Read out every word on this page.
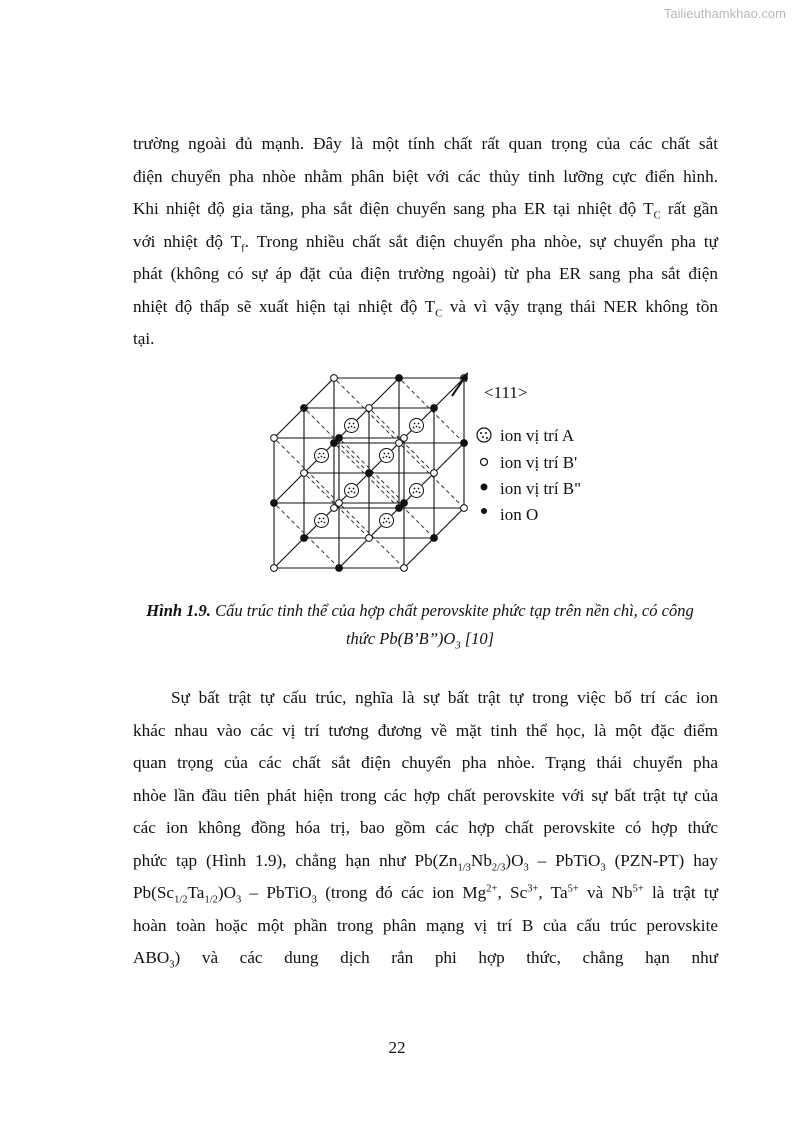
Tailieuthamkhao.com
trường ngoài đủ mạnh. Đây là một tính chất rất quan trọng của các chất sắt
điện chuyển pha nhòe nhằm phân biệt với các thủy tinh lưỡng cực điển hình.
Khi nhiệt độ gia tăng, pha sắt điện chuyển sang pha ER tại nhiệt độ $T_C$ rất gần
với nhiệt độ $T_f$. Trong nhiều chất sắt điện chuyển pha nhòe, sự chuyển pha tự
phát (không có sự áp đặt của điện trường ngoài) từ pha ER sang pha sắt điện
nhiệt độ thấp sẽ xuất hiện tại nhiệt độ $T_C$ và vì vậy trạng thái NER không tồn
tại.
<111>
ion vị trí A
ion vị trí B'
ion vị trí B"
ion O
Hình 1.9. Cấu trúc tinh thể của hợp chất perovskite phức tạp trên nền chì, có công
thức $Pb(B’B’’)O_3$ [10]
Sự bất trật tự cấu trúc, nghĩa là sự bất trật tự trong việc bố trí các ion
khác nhau vào các vị trí tương đương về mặt tinh thể học, là một đặc điểm
quan trọng của các chất sắt điện chuyển pha nhòe. Trạng thái chuyển pha
nhòe lần đầu tiên phát hiện trong các hợp chất perovskite với sự bất trật tự của
các ion không đồng hóa trị, bao gồm các hợp chất perovskite có hợp thức
phức tạp (Hình 1.9), chẳng hạn như $Pb(Zn_{1/3}Nb_{2/3})O_3$ – PbTiO$_3$ (PZN-PT) hay
$Pb(Sc_{1/2}Ta_{1/2})O_3$ – PbTiO$_3$ (trong đó các ion $Mg^{2+}$, $Sc^{3+}$, $Ta^{5+}$ và $Nb^{5+}$ là trật tự
hoàn toàn hoặc một phần trong phân mạng vị trí B của cấu trúc perovskite
$ABO_3$) và các dung dịch rắn phi hợp thức, chẳng hạn như
22
